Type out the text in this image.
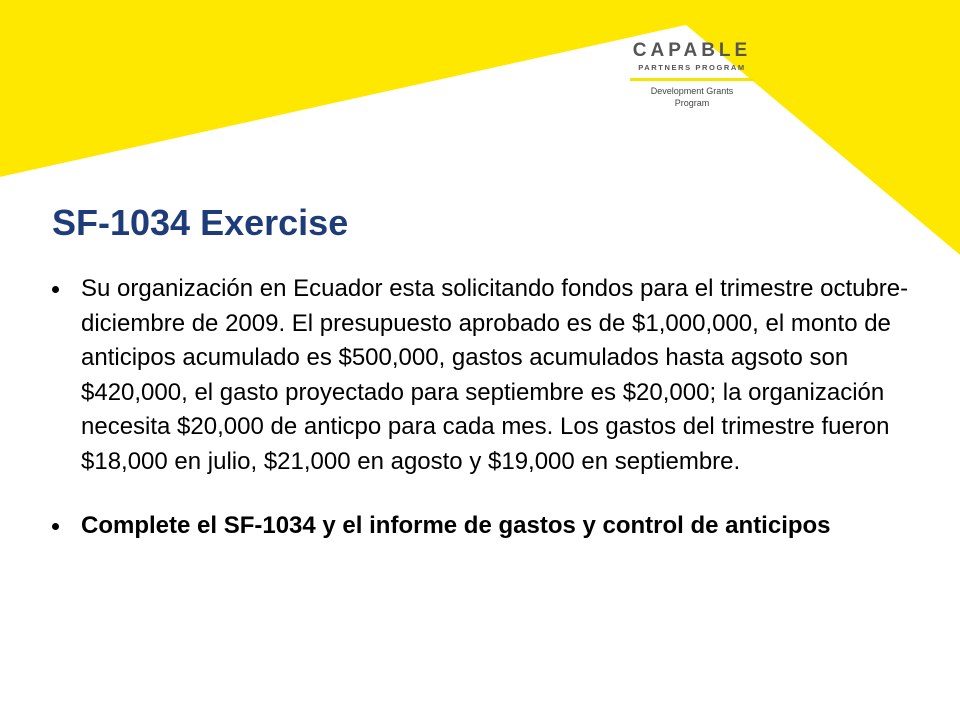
CAPABLE
PARTNERS PROGRAM
Development Grants
Program
SF-1034 Exercise
Su organización en Ecuador esta solicitando fondos para el trimestre octubre-diciembre de 2009. El presupuesto aprobado es de $1,000,000, el monto de anticipos acumulado es $500,000, gastos acumulados hasta agsoto son $420,000, el gasto proyectado para septiembre es $20,000; la organización necesita $20,000 de anticpo para cada mes. Los gastos del trimestre fueron $18,000 en julio, $21,000 en agosto y $19,000 en septiembre.
Complete el SF-1034 y el informe de gastos y control de anticipos
